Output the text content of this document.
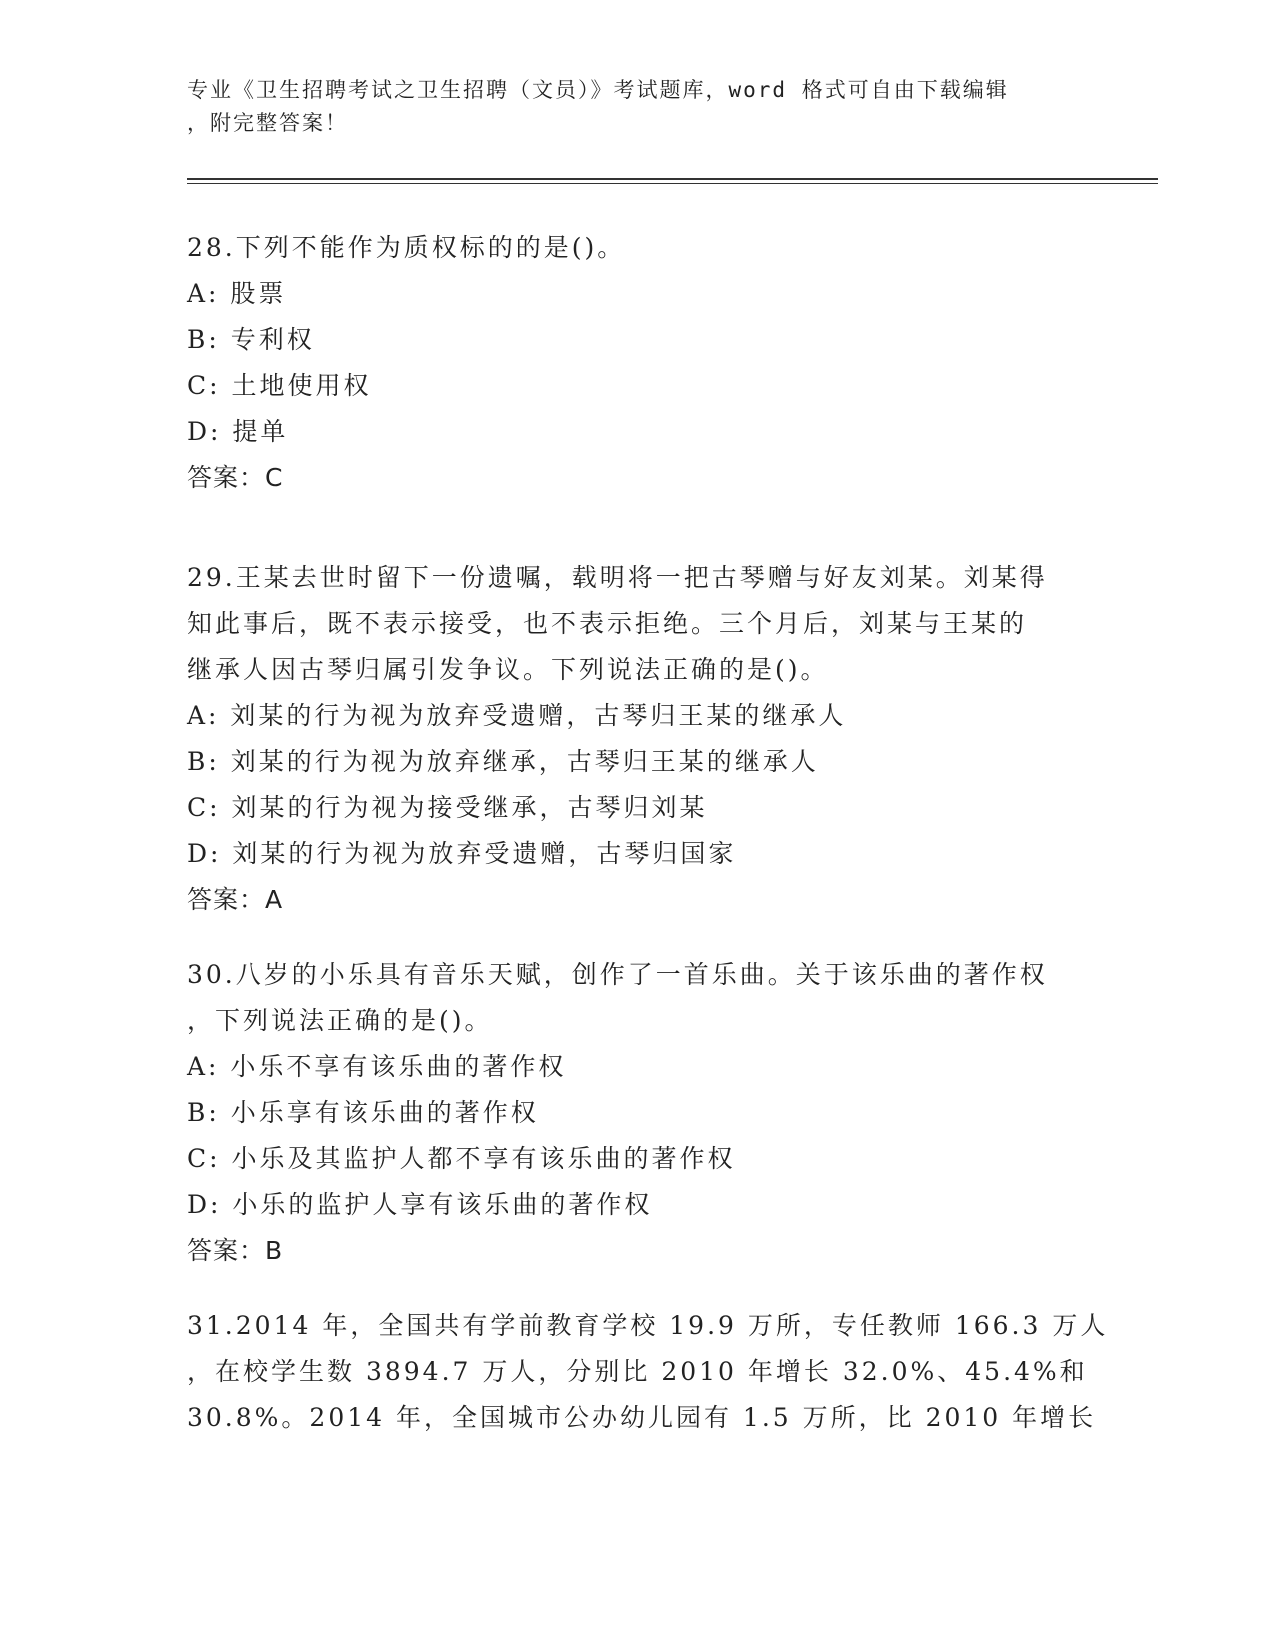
专业《卫生招聘考试之卫生招聘（文员）》考试题库，word 格式可自由下载编辑
，附完整答案！
28.下列不能作为质权标的的是()。
A: 股票
B: 专利权
C: 土地使用权
D: 提单
答案：C
29.王某去世时留下一份遗嘱，载明将一把古琴赠与好友刘某。刘某得
知此事后，既不表示接受，也不表示拒绝。三个月后，刘某与王某的
继承人因古琴归属引发争议。下列说法正确的是()。
A: 刘某的行为视为放弃受遗赠，古琴归王某的继承人
B: 刘某的行为视为放弃继承，古琴归王某的继承人
C: 刘某的行为视为接受继承，古琴归刘某
D: 刘某的行为视为放弃受遗赠，古琴归国家
答案：A
30.八岁的小乐具有音乐天赋，创作了一首乐曲。关于该乐曲的著作权
，下列说法正确的是()。
A: 小乐不享有该乐曲的著作权
B: 小乐享有该乐曲的著作权
C: 小乐及其监护人都不享有该乐曲的著作权
D: 小乐的监护人享有该乐曲的著作权
答案：B
31.2014 年，全国共有学前教育学校 19.9 万所，专任教师 166.3 万人
，在校学生数 3894.7 万人，分别比 2010 年增长 32.0%、45.4%和
30.8%。2014 年，全国城市公办幼儿园有 1.5 万所，比 2010 年增长
